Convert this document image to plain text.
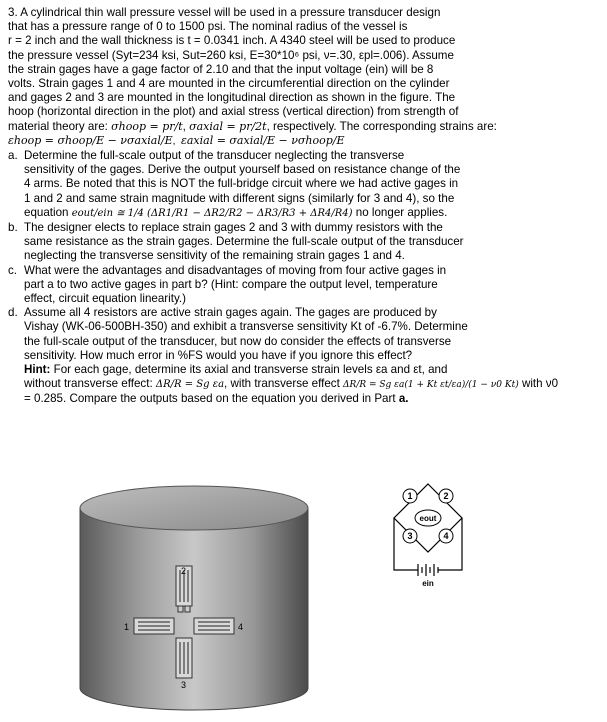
3. A cylindrical thin wall pressure vessel will be used in a pressure transducer design

that has a pressure range of 0 to 1500 psi. The nominal radius of the vessel is

r = 2 inch and the wall thickness is t = 0.0341 inch. A 4340 steel will be used to produce

the pressure vessel (Syt=234 ksi, Sut=260 ksi, E=30*10⁶ psi, ν=.30, εpl=.006). Assume

the strain gages have a gage factor of 2.10 and that the input voltage (ein) will be 8

volts. Strain gages 1 and 4 are mounted in the circumferential direction on the cylinder

and gages 2 and 3 are mounted in the longitudinal direction as shown in the figure. The

hoop (horizontal direction in the plot) and axial stress (vertical direction) from strength of

material theory are: σhoop = pr/t, σaxial = pr/2t, respectively. The corresponding strains are:

εhoop = σhoop/E − νσaxial/E,  εaxial = σaxial/E − νσhoop/E

a. Determine the full-scale output of the transducer neglecting the transverse
sensitivity of the gages. Derive the output yourself based on resistance change of the
4 arms. Be noted that this is NOT the full-bridge circuit where we had active gages in
1 and 2 and same strain magnitude with different signs (similarly for 3 and 4), so the
equation eout/ein ≅ 1/4 (ΔR1/R1 − ΔR2/R2 − ΔR3/R3 + ΔR4/R4) no longer applies.
b. The designer elects to replace strain gages 2 and 3 with dummy resistors with the
same resistance as the strain gages. Determine the full-scale output of the transducer
neglecting the transverse sensitivity of the remaining strain gages 1 and 4.
c. What were the advantages and disadvantages of moving from four active gages in
part a to two active gages in part b? (Hint: compare the output level, temperature
effect, circuit equation linearity.)
d. Assume all 4 resistors are active strain gages again. The gages are produced by
Vishay (WK-06-500BH-350) and exhibit a transverse sensitivity Kt of -6.7%. Determine
the full-scale output of the transducer, but now do consider the effects of transverse
sensitivity. How much error in %FS would you have if you ignore this effect?
Hint: For each gage, determine its axial and transverse strain levels εa and εt, and
without transverse effect: ΔR/R = Sg εa, with transverse effect ΔR/R = Sg εa(1 + Kt εt/εa)/(1 − ν0 Kt) with ν0
= 0.285. Compare the outputs based on the equation you derived in Part a.
2
1	4
3
1	2
3	4
eout
ein
